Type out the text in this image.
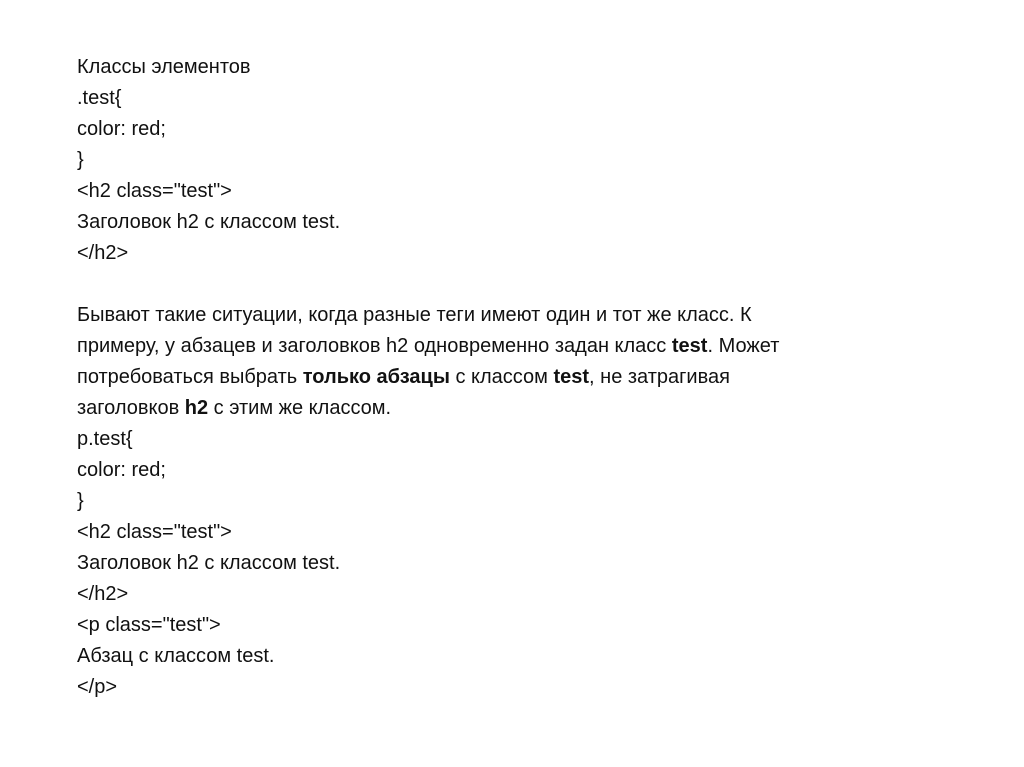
Классы элементов
.test{
color: red;
}
<h2 class="test">
Заголовок h2 с классом test.
</h2>
Бывают такие ситуации, когда разные теги имеют один и тот же класс. К
примеру, у абзацев и заголовков h2 одновременно задан класс test. Может
потребоваться выбрать только абзацы с классом test, не затрагивая
заголовков h2 с этим же классом.
p.test{
color: red;
}
<h2 class="test">
Заголовок h2 с классом test.
</h2>
<p class="test">
Абзац с классом test.
</p>
